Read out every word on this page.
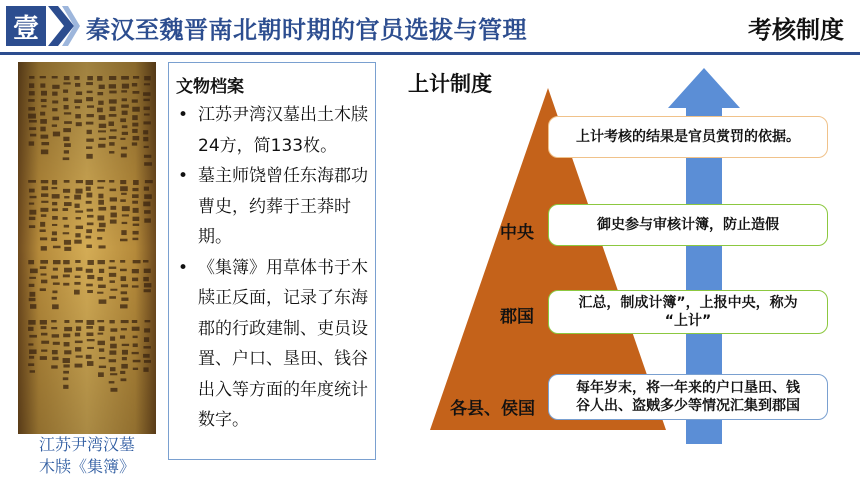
壹 秦汉至魏晋南北朝时期的官员选拔与管理	考核制度
江苏尹湾汉墓
木牍《集簿》
文物档案
• 江苏尹湾汉墓出土木牍24方，简133枚。
• 墓主师饶曾任东海郡功曹史，约葬于王莽时期。
• 《集簿》用草体书于木牍正反面，记录了东海郡的行政建制、吏员设置、户口、垦田、钱谷出入等方面的年度统计数字。
上计制度
中央
郡国
各县、侯国
上计考核的结果是官员赏罚的依据。
御史参与审核计簿，防止造假
汇总，制成计簿”，上报中央，称为
“上计”
每年岁末，将一年来的户口垦田、钱
谷人出、盗贼多少等情况汇集到郡国
